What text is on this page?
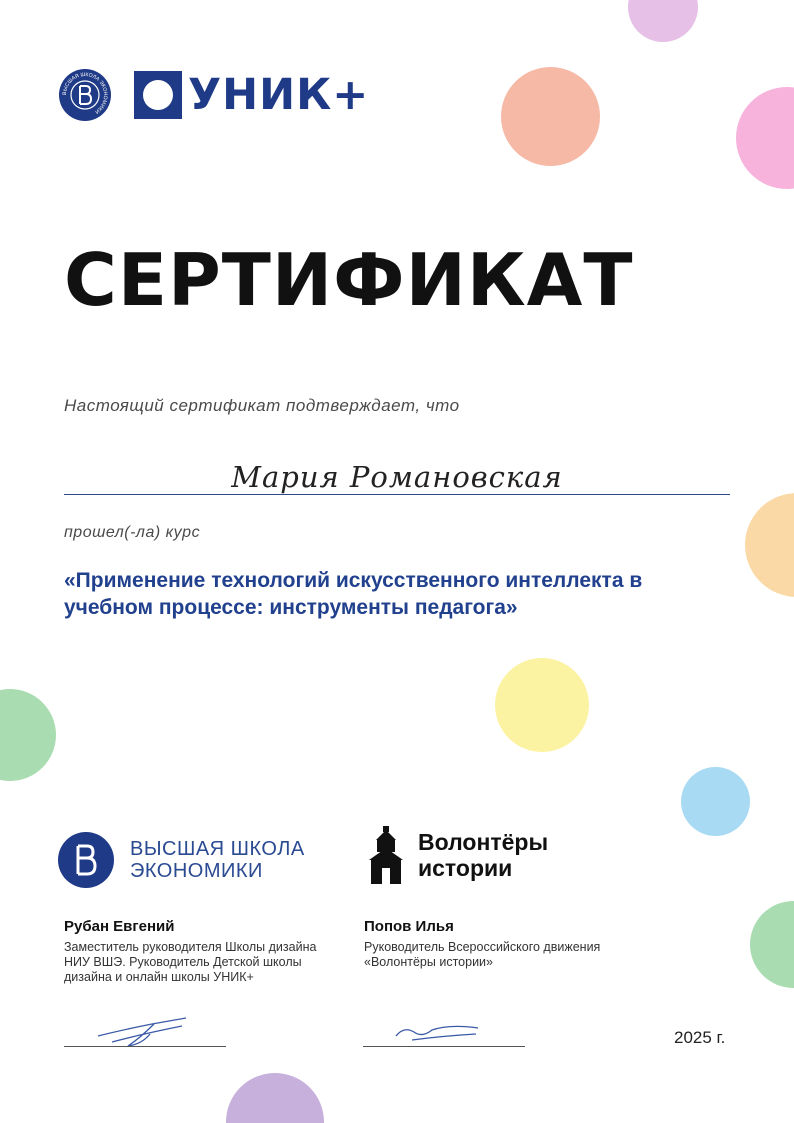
ВЫСШАЯ ШКОЛА ЭКОНОМИКИ УНИК+
СЕРТИФИКАТ
Настоящий сертификат подтверждает, что
Мария Романовская
прошел(-ла) курс

«Применение технологий искусственного интеллекта в учебном процессе: инструменты педагога»

ВЫСШАЯ ШКОЛА
ЭКОНОМИКИ
Волонтёры
истории
Рубан Евгений
Заместитель руководителя Школы дизайна НИУ ВШЭ. Руководитель Детской школы дизайна и онлайн школы УНИК+
Попов Илья
Руководитель Всероссийского движения «Волонтёры истории»
2025 г.
